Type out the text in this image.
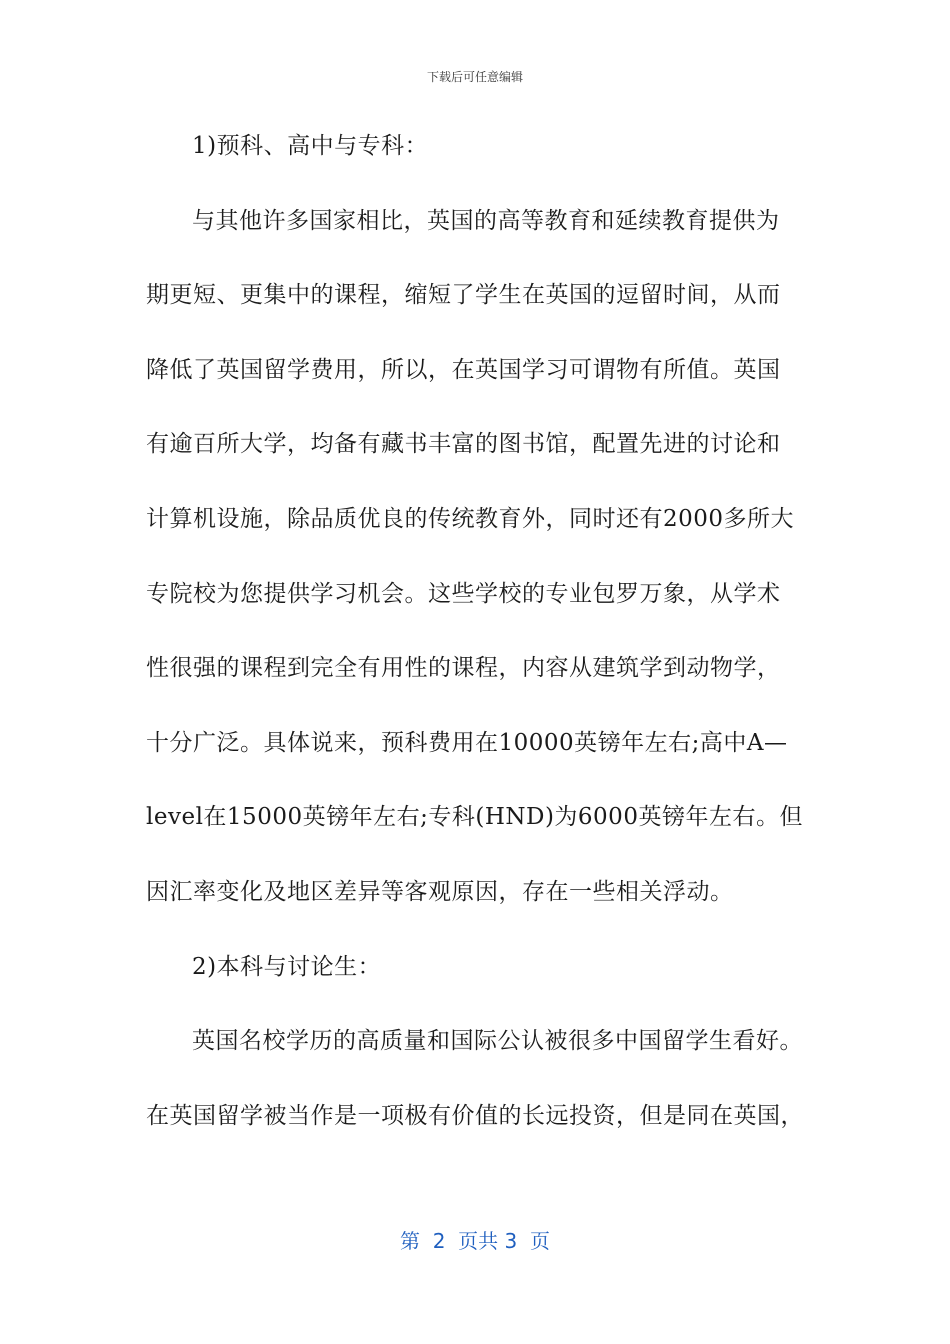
下载后可任意编辑
1)预科、高中与专科：
与其他许多国家相比，英国的高等教育和延续教育提供为
期更短、更集中的课程，缩短了学生在英国的逗留时间，从而
降低了英国留学费用，所以，在英国学习可谓物有所值。英国
有逾百所大学，均备有藏书丰富的图书馆，配置先进的讨论和
计算机设施，除品质优良的传统教育外，同时还有2000多所大
专院校为您提供学习机会。这些学校的专业包罗万象，从学术
性很强的课程到完全有用性的课程，内容从建筑学到动物学，
十分广泛。具体说来，预科费用在10000英镑年左右;高中A—
level在15000英镑年左右;专科(HND)为6000英镑年左右。但
因汇率变化及地区差异等客观原因，存在一些相关浮动。
2)本科与讨论生：
英国名校学历的高质量和国际公认被很多中国留学生看好。
在英国留学被当作是一项极有价值的长远投资，但是同在英国，
第  2  页共 3  页
